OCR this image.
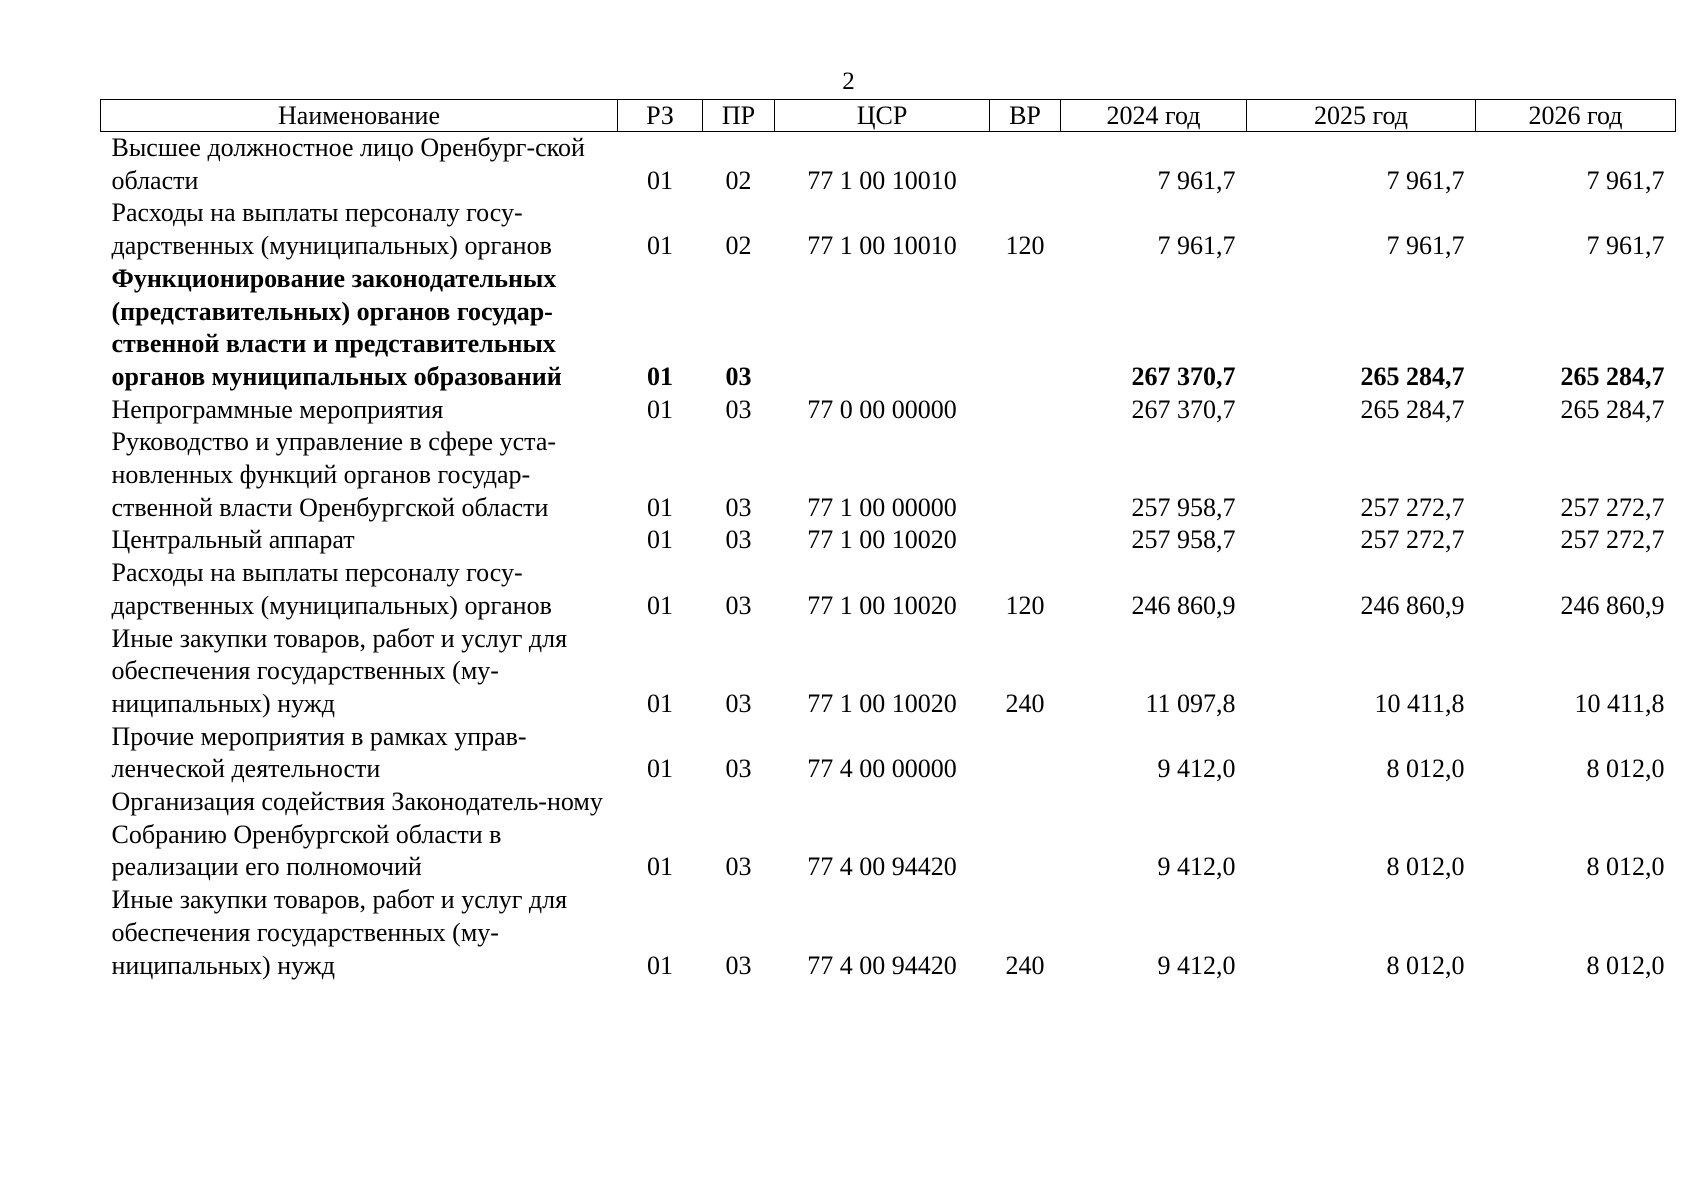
2
Наименование	РЗ	ПР	ЦСР	ВР	2024 год	2025 год	2026 год
Высшее должностное лицо Оренбург-ской области	01	02	77 1 00 10010		7 961,7	7 961,7	7 961,7
Расходы на выплаты персоналу госу-дарственных (муниципальных) органов	01	02	77 1 00 10010	120	7 961,7	7 961,7	7 961,7
Функционирование законодательных (представительных) органов государ-ственной власти и представительных органов муниципальных образований	01	03			267 370,7	265 284,7	265 284,7
Непрограммные мероприятия	01	03	77 0 00 00000		267 370,7	265 284,7	265 284,7
Руководство и управление в сфере уста-новленных функций органов государ-ственной власти Оренбургской области	01	03	77 1 00 00000		257 958,7	257 272,7	257 272,7
Центральный аппарат	01	03	77 1 00 10020		257 958,7	257 272,7	257 272,7
Расходы на выплаты персоналу госу-дарственных (муниципальных) органов	01	03	77 1 00 10020	120	246 860,9	246 860,9	246 860,9
Иные закупки товаров, работ и услуг для обеспечения государственных (му-ниципальных) нужд	01	03	77 1 00 10020	240	11 097,8	10 411,8	10 411,8
Прочие мероприятия в рамках управ-ленческой деятельности	01	03	77 4 00 00000		9 412,0	8 012,0	8 012,0
Организация содействия Законодатель-ному Собранию Оренбургской области в реализации его полномочий	01	03	77 4 00 94420		9 412,0	8 012,0	8 012,0
Иные закупки товаров, работ и услуг для обеспечения государственных (му-ниципальных) нужд	01	03	77 4 00 94420	240	9 412,0	8 012,0	8 012,0
